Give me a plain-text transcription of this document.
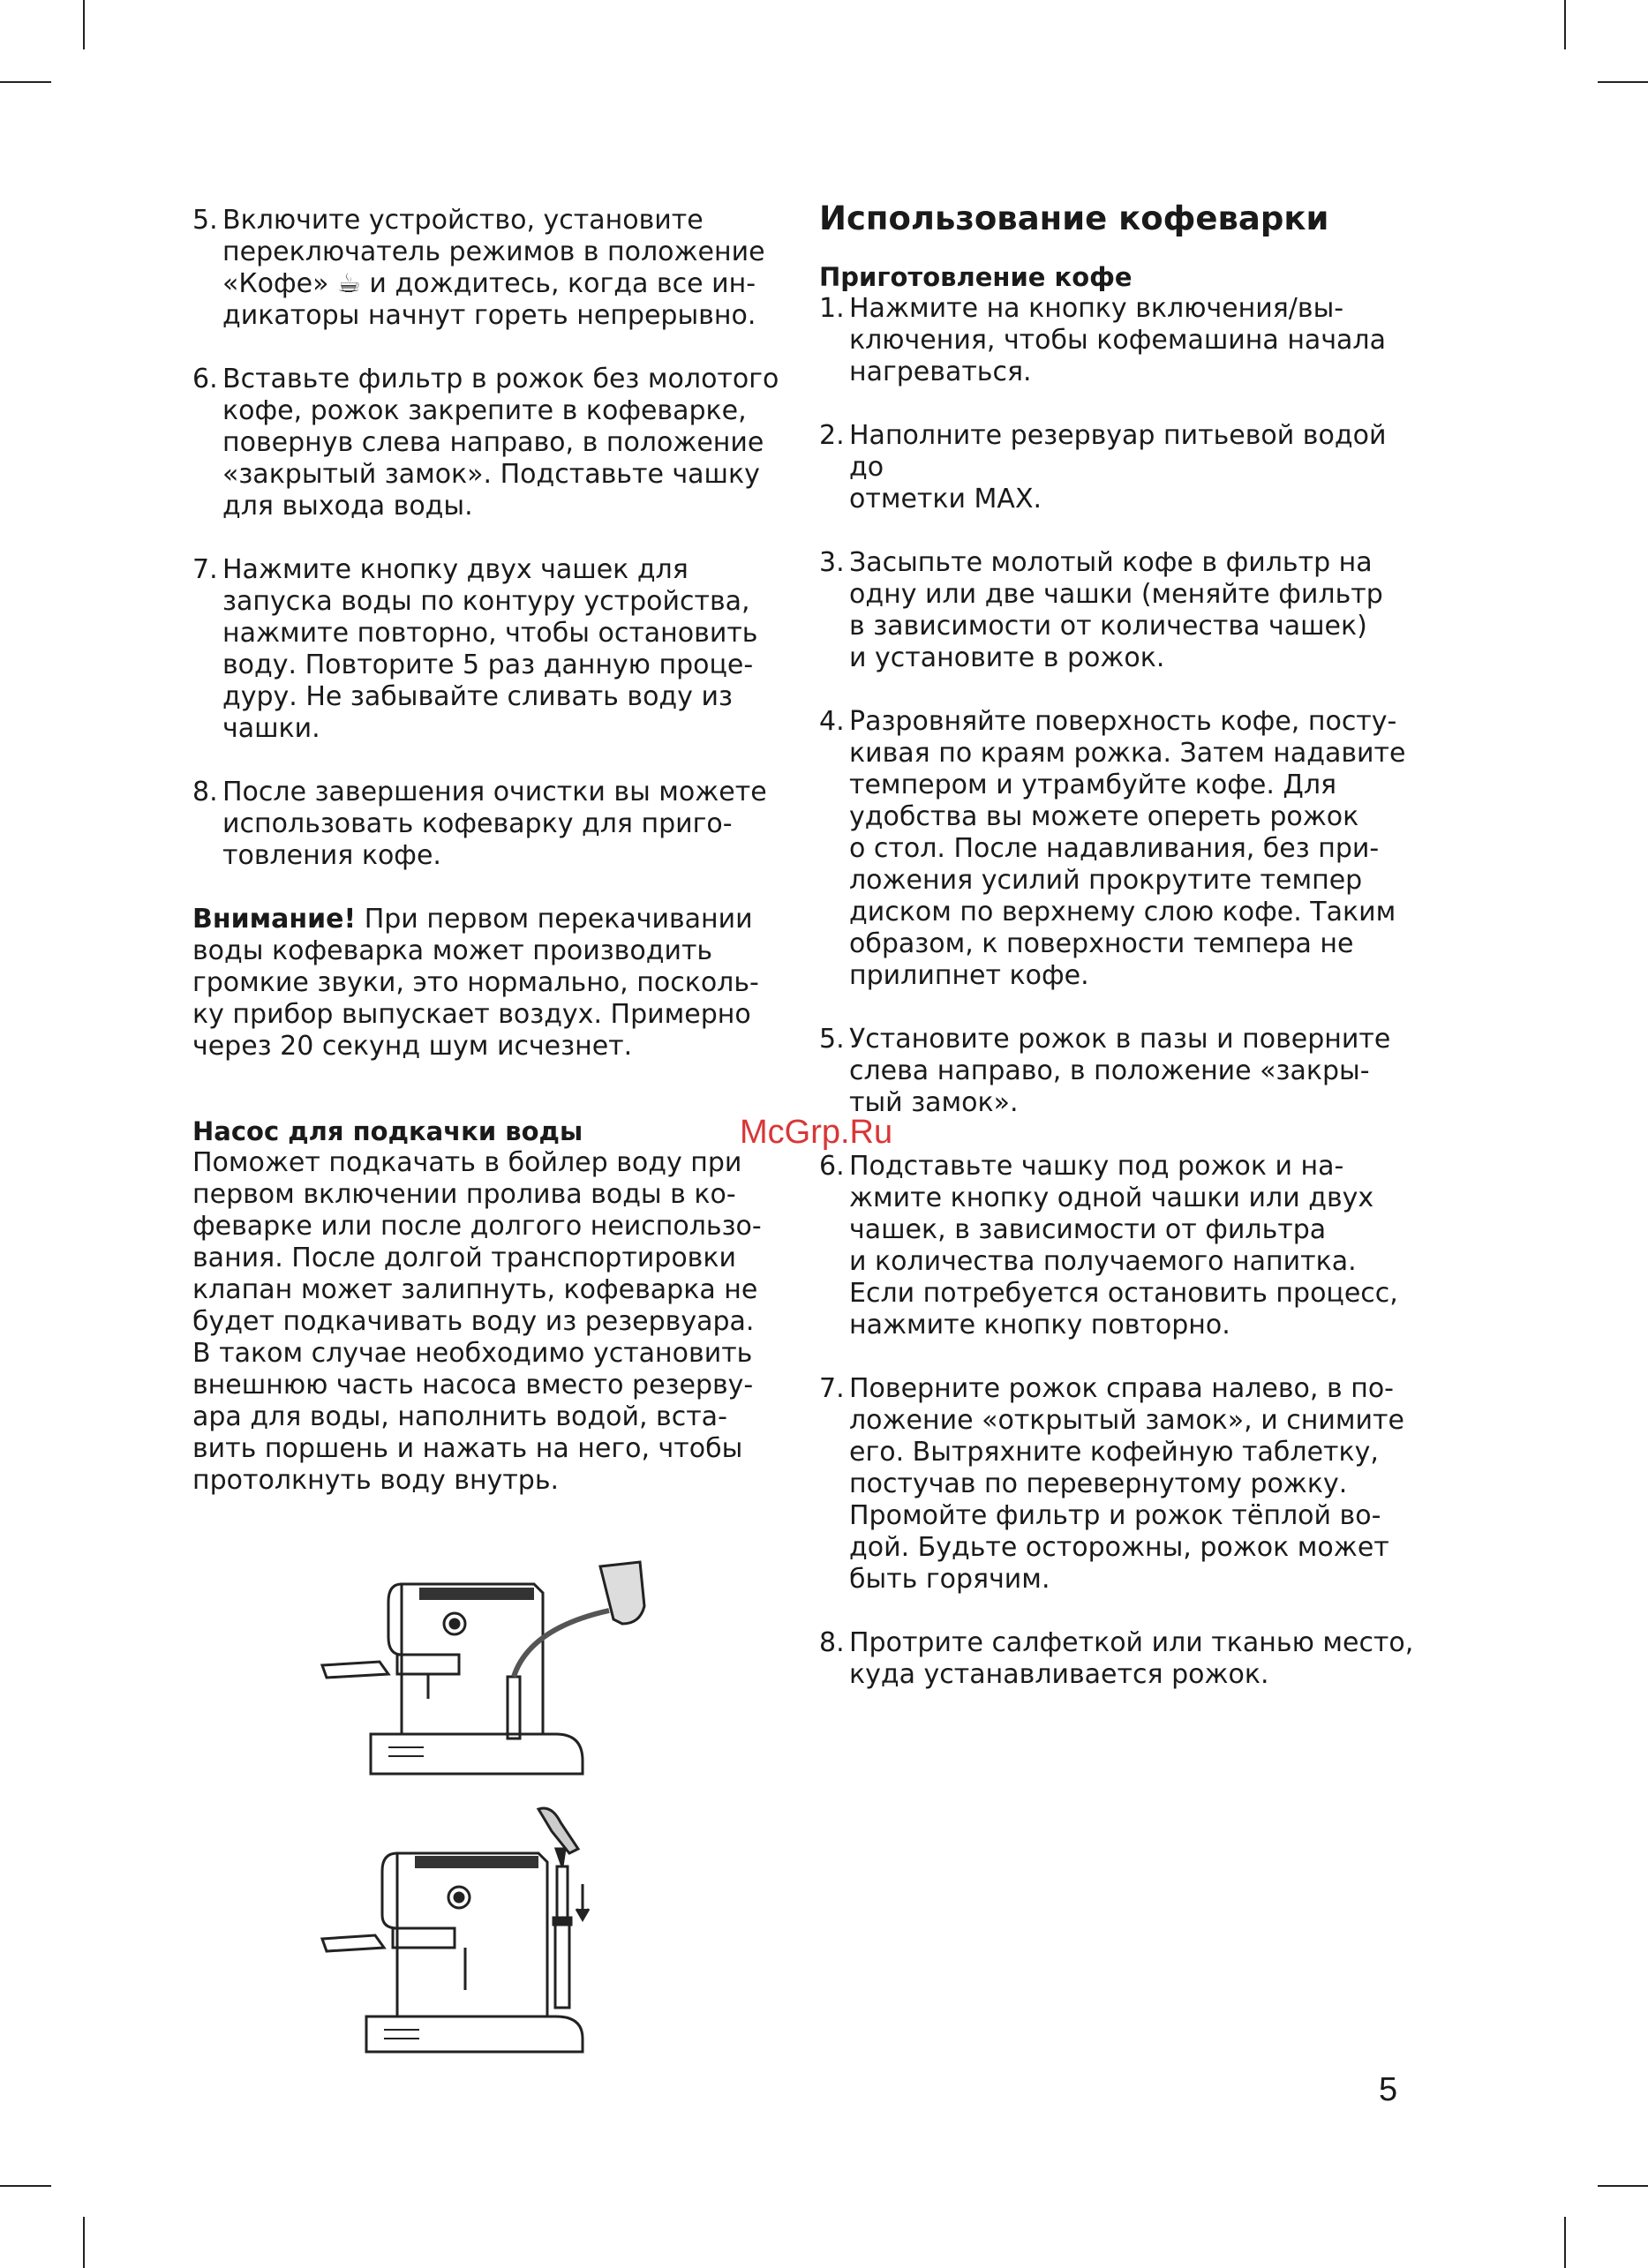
5. Включите устройство, установите
переключатель режимов в положение
«Кофе» ☕ и дождитесь, когда все ин-
дикаторы начнут гореть непрерывно.
6. Вставьте фильтр в рожок без молотого
кофе, рожок закрепите в кофеварке,
повернув слева направо, в положение
«закрытый замок». Подставьте чашку
для выхода воды.
7. Нажмите кнопку двух чашек для
запуска воды по контуру устройства,
нажмите повторно, чтобы остановить
воду. Повторите 5 раз данную проце-
дуру. Не забывайте сливать воду из
чашки.
8. После завершения очистки вы можете
использовать кофеварку для приго-
товления кофе.
Внимание! При первом перекачивании
воды кофеварка может производить
громкие звуки, это нормально, посколь-
ку прибор выпускает воздух. Примерно
через 20 секунд шум исчезнет.
Насос для подкачки воды
Поможет подкачать в бойлер воду при
первом включении пролива воды в ко-
феварке или после долгого неиспользо-
вания. После долгой транспортировки
клапан может залипнуть, кофеварка не
будет подкачивать воду из резервуара.
В таком случае необходимо установить
внешнюю часть насоса вместо резерву-
ара для воды, наполнить водой, вста-
вить поршень и нажать на него, чтобы
протолкнуть воду внутрь.
Использование кофеварки
Приготовление кофе
1. Нажмите на кнопку включения/вы-
ключения, чтобы кофемашина начала
нагреваться.
2. Наполните резервуар питьевой водой до
отметки MAX.
3. Засыпьте молотый кофе в фильтр на
одну или две чашки (меняйте фильтр
в зависимости от количества чашек)
и установите в рожок.
4. Разровняйте поверхность кофе, посту-
кивая по краям рожка. Затем надавите
темпером и утрамбуйте кофе. Для
удобства вы можете опереть рожок
о стол. После надавливания, без при-
ложения усилий прокрутите темпер
диском по верхнему слою кофе. Таким
образом, к поверхности темпера не
прилипнет кофе.
5. Установите рожок в пазы и поверните
слева направо, в положение «закры-
тый замок».
6. Подставьте чашку под рожок и на-
жмите кнопку одной чашки или двух
чашек, в зависимости от фильтра
и количества получаемого напитка.
Если потребуется остановить процесс,
нажмите кнопку повторно.
7. Поверните рожок справа налево, в по-
ложение «открытый замок», и снимите
его. Вытряхните кофейную таблетку,
постучав по перевернутому рожку.
Промойте фильтр и рожок тёплой во-
дой. Будьте осторожны, рожок может
быть горячим.
8. Протрите салфеткой или тканью место,
куда устанавливается рожок.
McGrp.Ru
5
